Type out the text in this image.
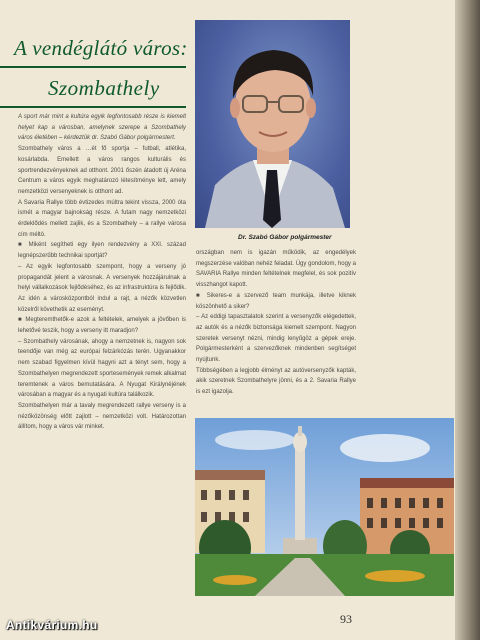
A vendéglátó város:
Szombathely
Dr. Szabó Gábor polgármester

A sport már mint a kultúra egyik legfontosabb része is kiemelt helyet kap a városban, amelynek szerepe a Szombathely város életében – kérdeztük dr. Szabó Gábor polgármestert.

Szombathely város a …ét fő sportja – futball, atlétika, kosárlabda. Emellett a város rangos kulturális és sportrendezvényeknek ad otthont. 2001 őszén átadott új Aréna Centrum a város egyik meghatározó létesítménye lett, amely nemzetközi versenyeknek is otthont ad.

A Savaria Rallye több évtizedes múltra tekint vissza, 2000 óta ismét a magyar bajnokság része. A futam nagy nemzetközi érdeklődés mellett zajlik, és a Szombathely – a rallye városa cím méltó.

■ Miként segítheti egy ilyen rendezvény a XXI. század legnépszerűbb technikai sportját?

– Az egyik legfontosabb szempont, hogy a verseny jó propagandát jelent a városnak. A versenyek hozzájárulnak a helyi vállalkozások fejlődéséhez, és az infrastruktúra is fejlődik. Az idén a városközpontból indul a rajt, a nézők közvetlen közelről követhetik az eseményt.

■ Megteremthetők-e azok a feltételek, amelyek a jövőben is lehetővé teszik, hogy a verseny itt maradjon?

– Szombathely városának, ahogy a nemzetnek is, nagyon sok teendője van még az európai felzárkózás terén. Ugyanakkor nem szabad figyelmen kívül hagyni azt a tényt sem, hogy a Szombathelyen megrendezett sportesemények remek alkalmat teremtenek a város bemutatására. A Nyugat Királynéjének városában a magyar és a nyugati kultúra találkozik.

Szombathelyen már a tavaly megrendezett rallye verseny is a nézőközönség előtt zajlott – nemzetközi volt. Határozottan állítom, hogy a város vár minket.

országban nem is igazán működik, az engedélyek megszerzése valóban nehéz feladat. Úgy gondolom, hogy a SAVARIA Rallye minden feltételnek megfelel, és sok pozitív visszhangot kapott.

■ Sikeres-e a szervező team munkája, illetve kiknek köszönhető a siker?

– Az eddigi tapasztalatok szerint a versenyzők elégedettek, az autók és a nézők biztonsága kiemelt szempont. Nagyon szeretek versenyt nézni, mindig lenyűgöz a gépek ereje. Polgármesterként a szervezőknek mindenben segítséget nyújtunk.

Többségében a legjobb élményt az autóversenyzők kapták, akik szeretnek Szombathelyre jönni, és a 2. Savaria Rallye is ezt igazolja.

93
Antikvárium.hu
